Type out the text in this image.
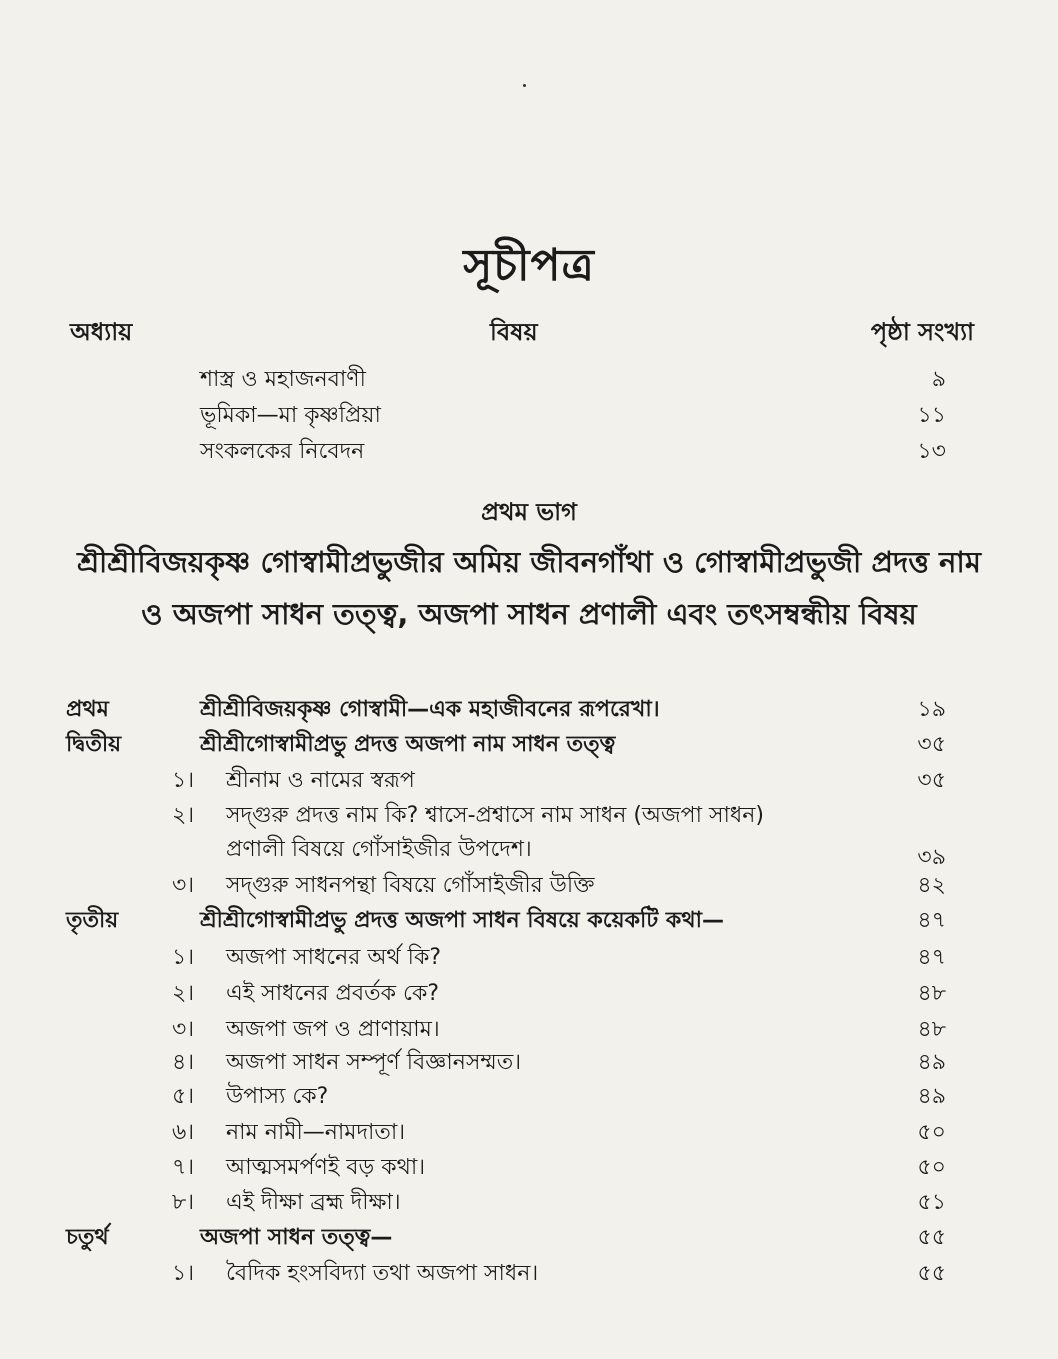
সূচীপত্র
অধ্যায়	বিষয়	পৃষ্ঠা সংখ্যা
শাস্ত্র ও মহাজনবাণী	৯
ভূমিকা—মা কৃষ্ণপ্রিয়া	১১
সংকলকের নিবেদন	১৩
প্রথম ভাগ
শ্রীশ্রীবিজয়কৃষ্ণ গোস্বামীপ্রভুজীর অমিয় জীবনগাঁথা ও গোস্বামীপ্রভুজী প্রদত্ত নাম ও অজপা সাধন তত্ত্ব, অজপা সাধন প্রণালী এবং তৎসম্বন্ধীয় বিষয়
প্রথম	শ্রীশ্রীবিজয়কৃষ্ণ গোস্বামী—এক মহাজীবনের রূপরেখা।	১৯
দ্বিতীয়	শ্রীশ্রীগোস্বামীপ্রভু প্রদত্ত অজপা নাম সাধন তত্ত্ব	৩৫
১। শ্রীনাম ও নামের স্বরূপ	৩৫
২। সদ্‌গুরু প্রদত্ত নাম কি? শ্বাসে-প্রশ্বাসে নাম সাধন (অজপা সাধন)
প্রণালী বিষয়ে গোঁসাইজীর উপদেশ।	৩৯
৩। সদ্‌গুরু সাধনপন্থা বিষয়ে গোঁসাইজীর উক্তি	৪২
তৃতীয়	শ্রীশ্রীগোস্বামীপ্রভু প্রদত্ত অজপা সাধন বিষয়ে কয়েকটি কথা—	৪৭
১। অজপা সাধনের অর্থ কি?	৪৭
২। এই সাধনের প্রবর্তক কে?	৪৮
৩। অজপা জপ ও প্রাণায়াম।	৪৮
৪। অজপা সাধন সম্পূর্ণ বিজ্ঞানসম্মত।	৪৯
৫। উপাস্য কে?	৪৯
৬। নাম নামী—নামদাতা।	৫০
৭। আত্মসমর্পণই বড় কথা।	৫০
৮। এই দীক্ষা ব্রহ্ম দীক্ষা।	৫১
চতুর্থ	অজপা সাধন তত্ত্ব—	৫৫
১। বৈদিক হংসবিদ্যা তথা অজপা সাধন।	৫৫
